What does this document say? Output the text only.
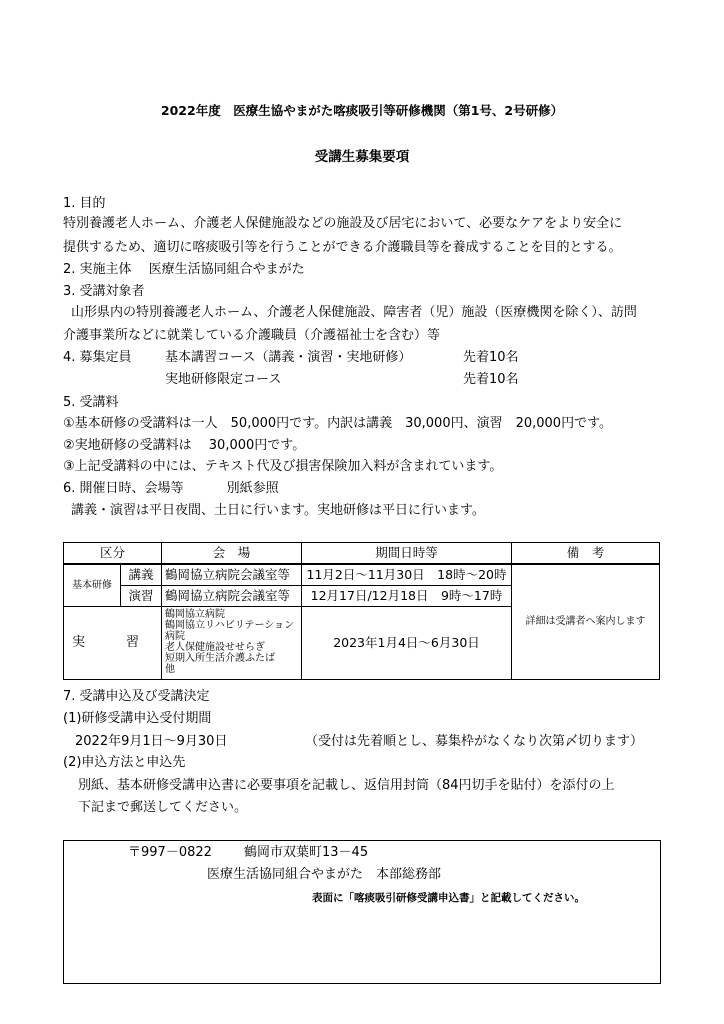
2022年度　医療生協やまがた喀痰吸引等研修機関（第1号、2号研修）
受講生募集要項
1. 目的
特別養護老人ホーム、介護老人保健施設などの施設及び居宅において、必要なケアをより安全に
提供するため、適切に喀痰吸引等を行うことができる介護職員等を養成することを目的とする。
2. 実施主体　 医療生活協同組合やまがた
3. 受講対象者
山形県内の特別養護老人ホーム、介護老人保健施設、障害者（児）施設（医療機関を除く）、訪問
介護事業所などに就業している介護職員（介護福祉士を含む）等
4. 募集定員	基本講習コース（講義・演習・実地研修）	先着10名
実地研修限定コース	先着10名
5. 受講料
①基本研修の受講料は一人　50,000円です。内訳は講義　30,000円、演習　20,000円です。
②実地研修の受講料は　 30,000円です。
③上記受講料の中には、テキスト代及び損害保険加入料が含まれています。
6. 開催日時、会場等　　　 別紙参照
講義・演習は平日夜間、土日に行います。実地研修は平日に行います。
区分		会　場	期間日時等	備　考
基本研修	講義	鶴岡協立病院会議室等	11月2日～11月30日　18時～20時	詳細は受講者へ案内します
	演習	鶴岡協立病院会議室等	12月17日/12月18日　9時～17時	
実　習		鶴岡協立病院
鶴岡協立リハビリテーション病院
老人保健施設せせらぎ
短期入所生活介護ふたば
他	2023年1月4日～6月30日	
7. 受講申込及び受講決定
(1)研修受講申込受付期間
2022年9月1日～9月30日	（受付は先着順とし、募集枠がなくなり次第〆切ります）
(2)申込方法と申込先
別紙、基本研修受講申込書に必要事項を記載し、返信用封筒（84円切手を貼付）を添付の上
下記まで郵送してください。
〒997－0822 鶴岡市双葉町13－45
医療生活協同組合やまがた　本部総務部
表面に「喀痰吸引研修受講申込書」と記載してください。
